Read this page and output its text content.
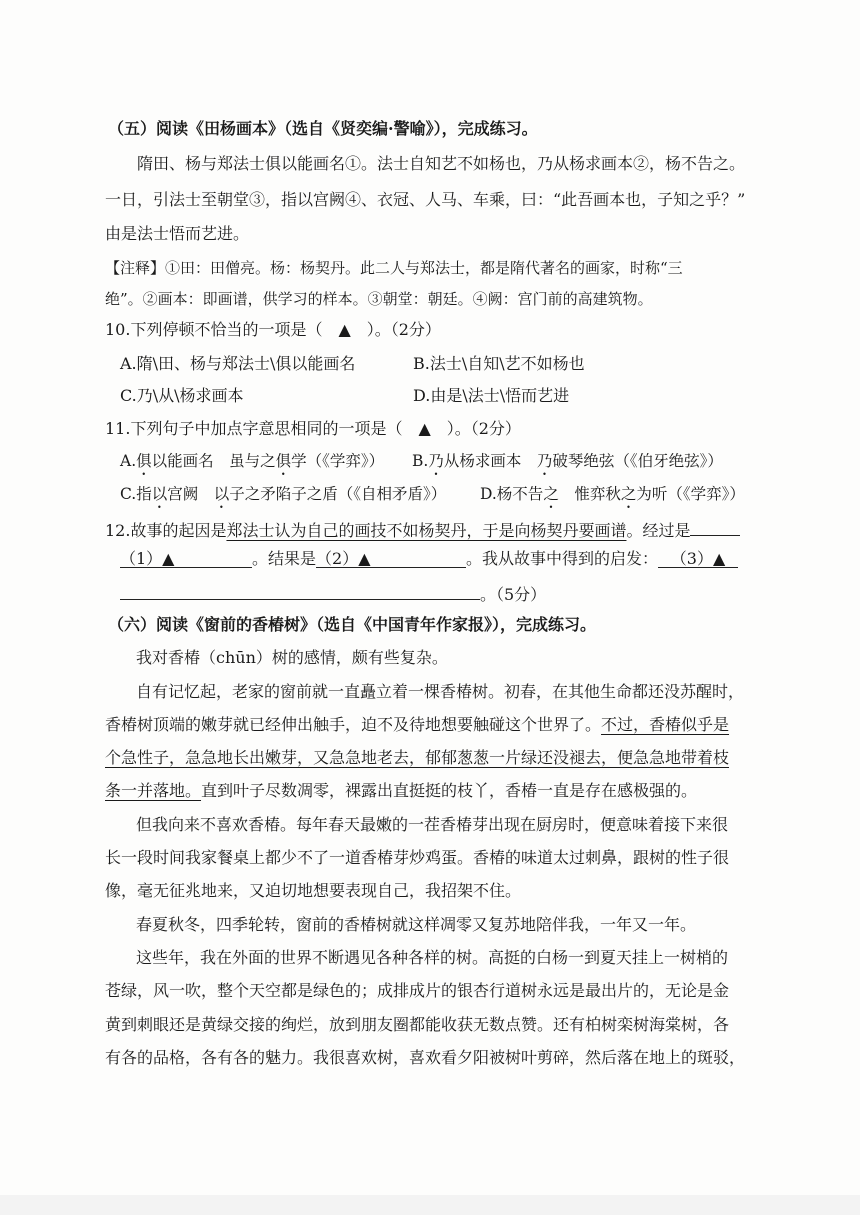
（五）阅读《田杨画本》（选自《贤奕编·警喻》），完成练习。
隋田、杨与郑法士俱以能画名①。法士自知艺不如杨也，乃从杨求画本②，杨不告之。
一日，引法士至朝堂③，指以宫阙④、衣冠、人马、车乘，曰：“此吾画本也，子知之乎？”
由是法士悟而艺进。
【注释】①田：田僧亮。杨：杨契丹。此二人与郑法士，都是隋代著名的画家，时称“三
绝”。②画本：即画谱，供学习的样本。③朝堂：朝廷。④阙：宫门前的高建筑物。
10.下列停顿不恰当的一项是（　▲　）。（2分）
A.隋\田、杨与郑法士\俱以能画名	B.法士\自知\艺不如杨也
C.乃\从\杨求画本	D.由是\法士\悟而艺进
11.下列句子中加点字意思相同的一项是（　▲　）。（2分）
A.俱以能画名　虽与之俱学（《学弈》） B.乃从杨求画本　乃破琴绝弦（《伯牙绝弦》）
C.指以宫阙　以子之矛陷子之盾（《自相矛盾》） D.杨不告之　惟弈秋之为听（《学弈》）
12.故事的起因是郑法士认为自己的画技不如杨契丹，于是向杨契丹要画谱。经过是
（1）▲	。结果是（2）▲	。我从故事中得到的启发： （3）▲
。（5分）
（六）阅读《窗前的香椿树》（选自《中国青年作家报》），完成练习。
我对香椿（chūn）树的感情，颇有些复杂。
自有记忆起，老家的窗前就一直矗立着一棵香椿树。初春，在其他生命都还没苏醒时，
香椿树顶端的嫩芽就已经伸出触手，迫不及待地想要触碰这个世界了。不过，香椿似乎是
个急性子，急急地长出嫩芽，又急急地老去，郁郁葱葱一片绿还没褪去，便急急地带着枝
条一并落地。直到叶子尽数凋零，裸露出直挺挺的枝丫，香椿一直是存在感极强的。
但我向来不喜欢香椿。每年春天最嫩的一茬香椿芽出现在厨房时，便意味着接下来很
长一段时间我家餐桌上都少不了一道香椿芽炒鸡蛋。香椿的味道太过刺鼻，跟树的性子很
像，毫无征兆地来，又迫切地想要表现自己，我招架不住。
春夏秋冬，四季轮转，窗前的香椿树就这样凋零又复苏地陪伴我，一年又一年。
这些年，我在外面的世界不断遇见各种各样的树。高挺的白杨一到夏天挂上一树梢的
苍绿，风一吹，整个天空都是绿色的；成排成片的银杏行道树永远是最出片的，无论是金
黄到刺眼还是黄绿交接的绚烂，放到朋友圈都能收获无数点赞。还有柏树栾树海棠树，各
有各的品格，各有各的魅力。我很喜欢树，喜欢看夕阳被树叶剪碎，然后落在地上的斑驳，
